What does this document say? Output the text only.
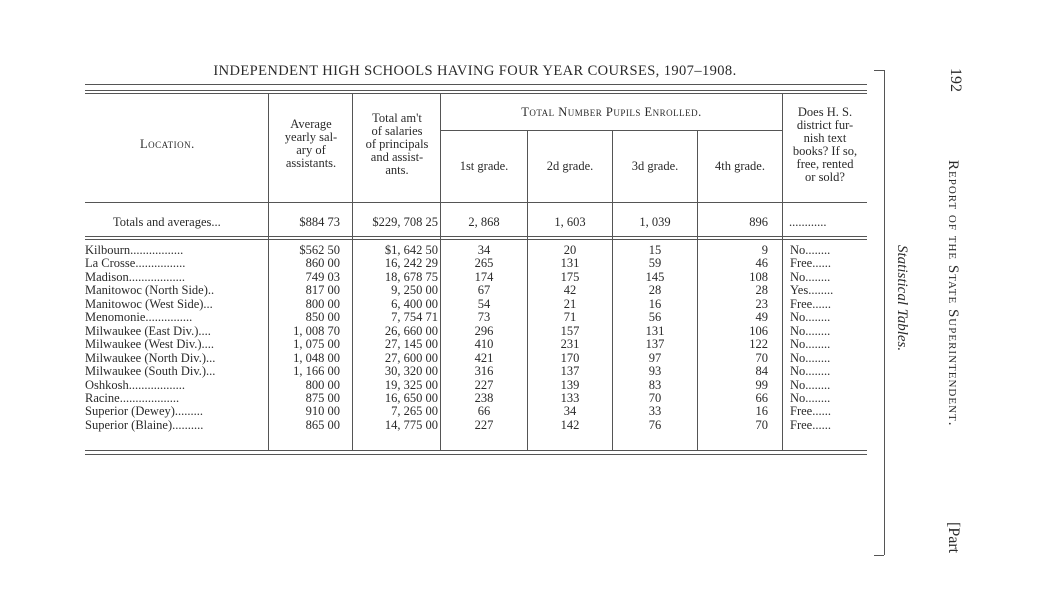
INDEPENDENT HIGH SCHOOLS HAVING FOUR YEAR COURSES, 1907–1908.
Location.
Average
yearly sal-
ary of
assistants.
Total am't
of salaries
of principals
and assist-
ants.
Total Number Pupils Enrolled.
1st grade.	2d grade.	3d grade.	4th grade.
Does H. S.
district fur-
nish text
books? If so,
free, rented
or sold?
Totals and averages...	$884 73	$229, 708 25	2, 868	1, 603	1, 039	896 ............
Kilbourn.................	$562 50	$1, 642 50	34	20	15	9 No........
La Crosse................	860 00	16, 242 29	265	131	59	46 Free......
Madison..................	749 03	18, 678 75	174	175	145	108 No........
Manitowoc (North Side)..	817 00	9, 250 00	67	42	28	28 Yes........
Manitowoc (West Side)...	800 00	6, 400 00	54	21	16	23 Free......
Menomonie...............	850 00	7, 754 71	73	71	56	49 No........
Milwaukee (East Div.)....	1, 008 70	26, 660 00	296	157	131	106 No........
Milwaukee (West Div.)....	1, 075 00	27, 145 00	410	231	137	122 No........
Milwaukee (North Div.)...	1, 048 00	27, 600 00	421	170	97	70 No........
Milwaukee (South Div.)...	1, 166 00	30, 320 00	316	137	93	84 No........
Oshkosh..................	800 00	19, 325 00	227	139	83	99 No........
Racine...................	875 00	16, 650 00	238	133	70	66 No........
Superior (Dewey).........	910 00	7, 265 00	66	34	33	16 Free......
Superior (Blaine)..........	865 00	14, 775 00	227	142	76	70 Free......
192
Report of the State Superintendent.
[Part
Statistical Tables.
